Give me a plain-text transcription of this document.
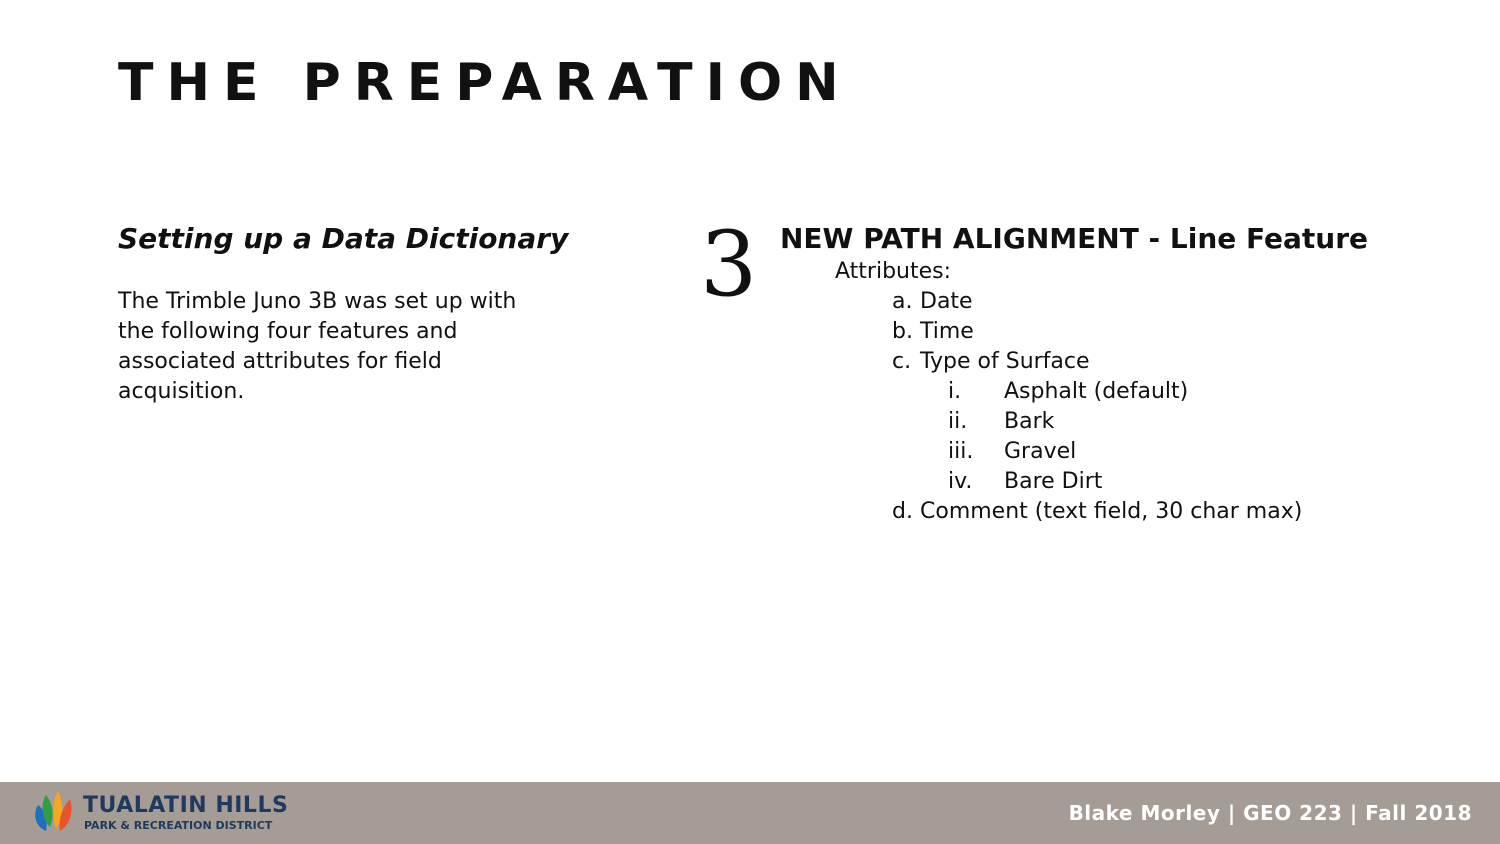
THE PREPARATION
Setting up a Data Dictionary
The Trimble Juno 3B was set up with the following four features and associated attributes for field acquisition.
3 NEW PATH ALIGNMENT - Line Feature
Attributes:
a. Date
b. Time
c. Type of Surface
i. Asphalt (default)
ii. Bark
iii. Gravel
iv. Bare Dirt
d. Comment (text field, 30 char max)
TUALATIN HILLS
PARK & RECREATION DISTRICT
Blake Morley | GEO 223 | Fall 2018
